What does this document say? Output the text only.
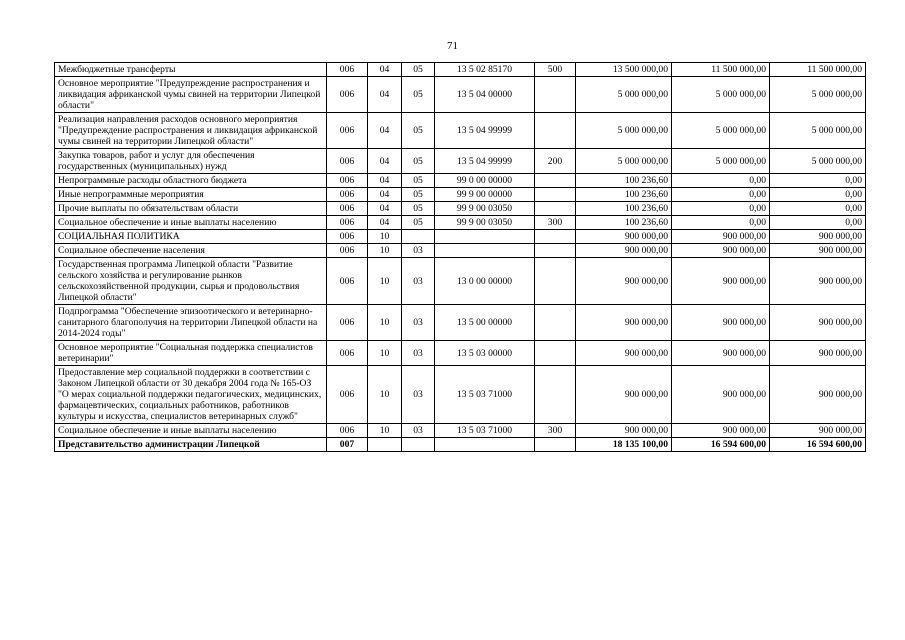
71
Межбюджетные трансферты	006	04	05	13 5 02 85170	500	13 500 000,00	11 500 000,00	11 500 000,00
Основное мероприятие "Предупреждение распространения и ликвидация африканской чумы свиней на территории Липецкой области"	006	04	05	13 5 04 00000		5 000 000,00	5 000 000,00	5 000 000,00
Реализация направления расходов основного мероприятия "Предупреждение распространения и ликвидация африканской чумы свиней на территории Липецкой области"	006	04	05	13 5 04 99999		5 000 000,00	5 000 000,00	5 000 000,00
Закупка товаров, работ и услуг для обеспечения государственных (муниципальных) нужд	006	04	05	13 5 04 99999	200	5 000 000,00	5 000 000,00	5 000 000,00
Непрограммные расходы областного бюджета	006	04	05	99 0 00 00000		100 236,60	0,00	0,00
Иные непрограммные мероприятия	006	04	05	99 9 00 00000		100 236,60	0,00	0,00
Прочие выплаты по обязательствам области	006	04	05	99 9 00 03050		100 236,60	0,00	0,00
Социальное обеспечение и иные выплаты населению	006	04	05	99 9 00 03050	300	100 236,60	0,00	0,00
СОЦИАЛЬНАЯ ПОЛИТИКА	006	10				900 000,00	900 000,00	900 000,00
Социальное обеспечение населения	006	10	03			900 000,00	900 000,00	900 000,00
Государственная программа Липецкой области "Развитие сельского хозяйства и регулирование рынков сельскохозяйственной продукции, сырья и продовольствия Липецкой области"	006	10	03	13 0 00 00000		900 000,00	900 000,00	900 000,00
Подпрограмма "Обеспечение эпизоотического и ветеринарно-санитарного благополучия на территории Липецкой области на 2014-2024 годы"	006	10	03	13 5 00 00000		900 000,00	900 000,00	900 000,00
Основное мероприятие "Социальная поддержка специалистов ветеринарии"	006	10	03	13 5 03 00000		900 000,00	900 000,00	900 000,00
Предоставление мер социальной поддержки в соответствии с Законом Липецкой области от 30 декабря 2004 года № 165-ОЗ "О мерах социальной поддержки педагогических, медицинских, фармацевтических, социальных работников, работников культуры и искусства, специалистов ветеринарных служб"	006	10	03	13 5 03 71000		900 000,00	900 000,00	900 000,00
Социальное обеспечение и иные выплаты населению	006	10	03	13 5 03 71000	300	900 000,00	900 000,00	900 000,00
Представительство администрации Липецкой	007					18 135 100,00	16 594 600,00	16 594 600,00
